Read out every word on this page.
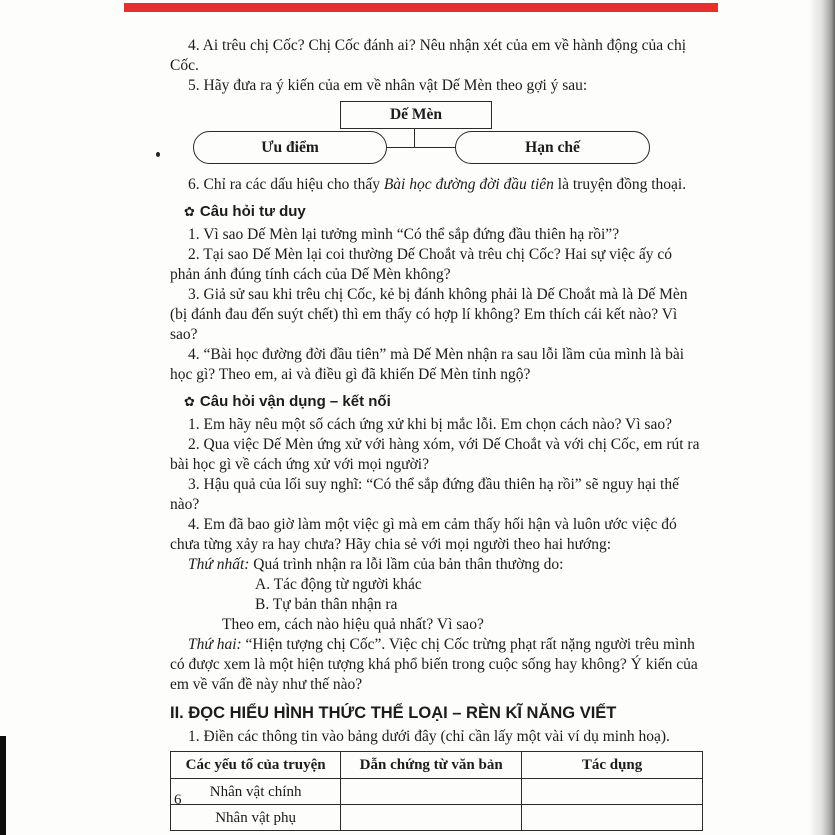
4. Ai trêu chị Cốc? Chị Cốc đánh ai? Nêu nhận xét của em về hành động của chị Cốc.

5. Hãy đưa ra ý kiến của em về nhân vật Dế Mèn theo gợi ý sau:

Dế Mèn
Ưu điểm	Hạn chế

6. Chỉ ra các dấu hiệu cho thấy Bài học đường đời đầu tiên là truyện đồng thoại.

✿ Câu hỏi tư duy

1. Vì sao Dế Mèn lại tưởng mình “Có thể sắp đứng đầu thiên hạ rồi”?

2. Tại sao Dế Mèn lại coi thường Dế Choắt và trêu chị Cốc? Hai sự việc ấy có phản ánh đúng tính cách của Dế Mèn không?

3. Giả sử sau khi trêu chị Cốc, kẻ bị đánh không phải là Dế Choắt mà là Dế Mèn (bị đánh đau đến suýt chết) thì em thấy có hợp lí không? Em thích cái kết nào? Vì sao?

4. “Bài học đường đời đầu tiên” mà Dế Mèn nhận ra sau lỗi lầm của mình là bài học gì? Theo em, ai và điều gì đã khiến Dế Mèn tỉnh ngộ?

✿ Câu hỏi vận dụng – kết nối

1. Em hãy nêu một số cách ứng xử khi bị mắc lỗi. Em chọn cách nào? Vì sao?

2. Qua việc Dế Mèn ứng xử với hàng xóm, với Dế Choắt và với chị Cốc, em rút ra bài học gì về cách ứng xử với mọi người?

3. Hậu quả của lối suy nghĩ: “Có thể sắp đứng đầu thiên hạ rồi” sẽ nguy hại thế nào?

4. Em đã bao giờ làm một việc gì mà em cảm thấy hối hận và luôn ước việc đó chưa từng xảy ra hay chưa? Hãy chia sẻ với mọi người theo hai hướng:

Thứ nhất: Quá trình nhận ra lỗi lầm của bản thân thường do:

A. Tác động từ người khác

B. Tự bản thân nhận ra

Theo em, cách nào hiệu quả nhất? Vì sao?

Thứ hai: “Hiện tượng chị Cốc”. Việc chị Cốc trừng phạt rất nặng người trêu mình có được xem là một hiện tượng khá phổ biến trong cuộc sống hay không? Ý kiến của em về vấn đề này như thế nào?

II. ĐỌC HIỂU HÌNH THỨC THỂ LOẠI – RÈN KĨ NĂNG VIẾT

1. Điền các thông tin vào bảng dưới đây (chỉ cần lấy một vài ví dụ minh hoạ).

Các yếu tố của truyện	Dẫn chứng từ văn bản	Tác dụng
Nhân vật chính		
Nhân vật phụ		
6
